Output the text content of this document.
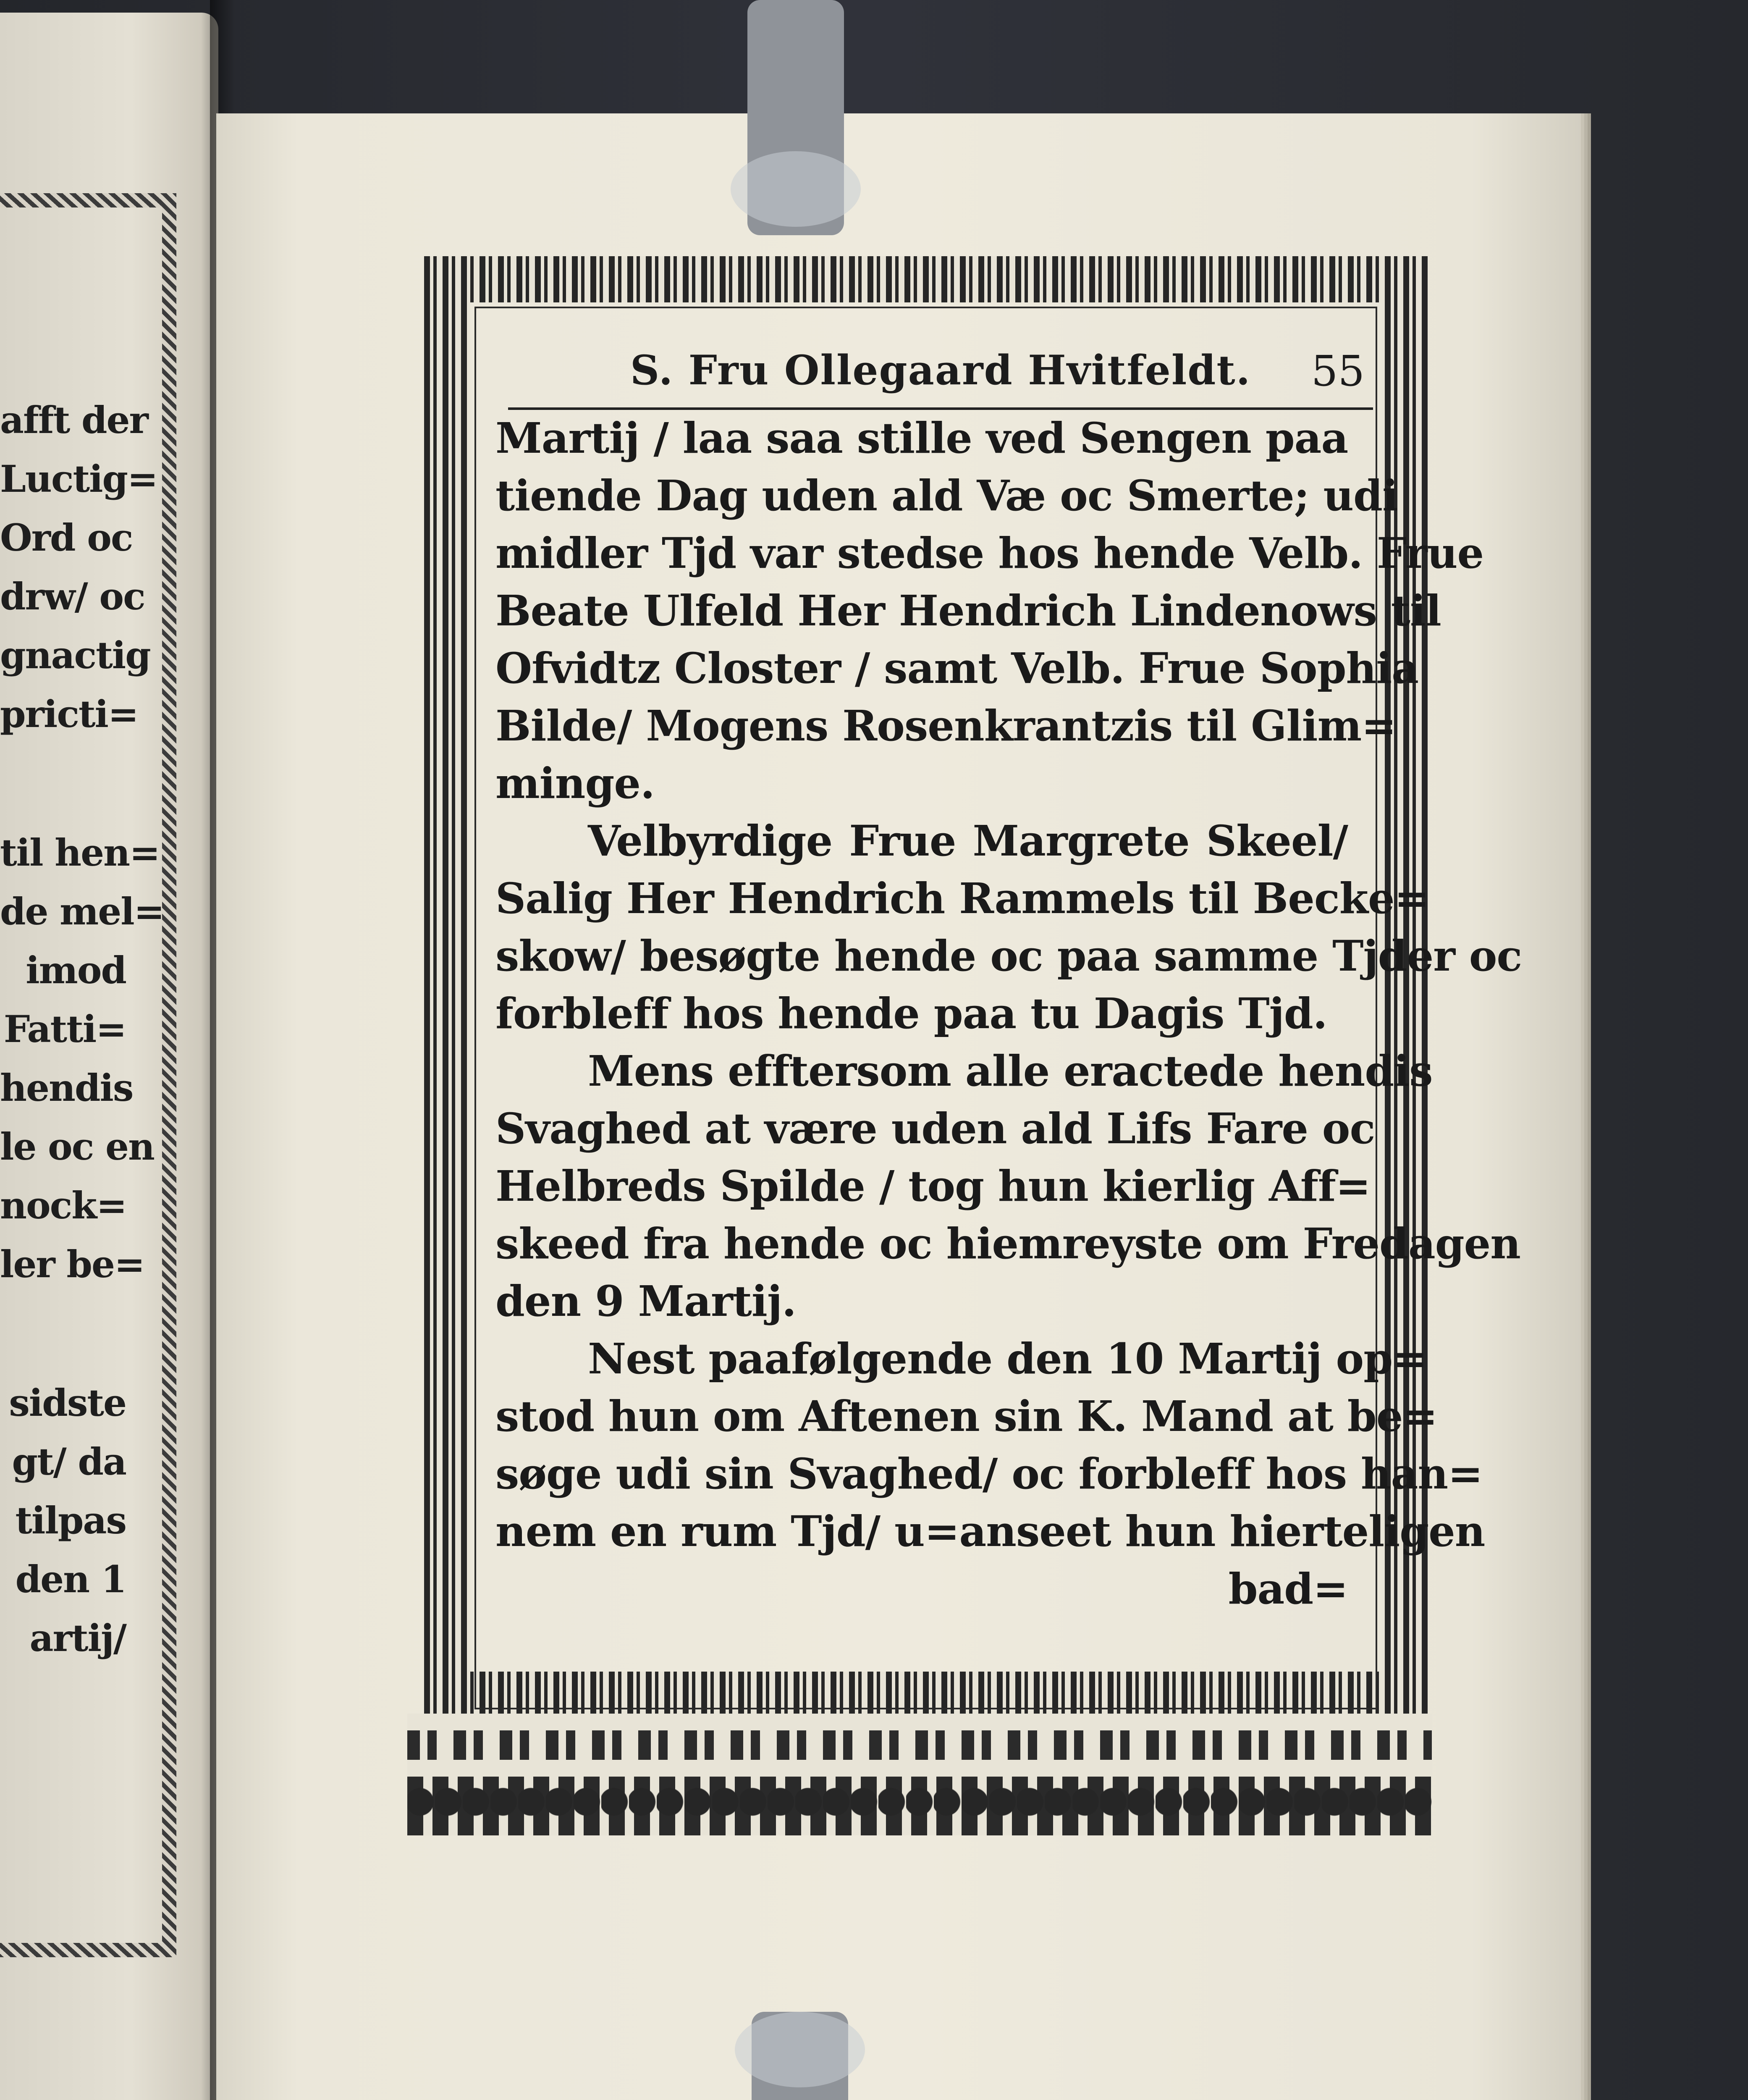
afft der
Luctig=
Ord oc
drw/ oc
gnactig
pricti=
til hen=
de mel=
imod
Fatti=
hendis
le oc en
nock=
ler be=
sidste
gt/ da
tilpas
den 1
artij/
S. Fru Ollegaard Hvitfeldt.	55
Martij / laa saa stille ved Sengen paa
tiende Dag uden ald Væ oc Smerte; udi
midler Tjd var stedse hos hende Velb. Frue
Beate Ulfeld Her Hendrich Lindenows til
Ofvidtz Closter / samt Velb. Frue Sophia
Bilde/ Mogens Rosenkrantzis til Glim=
minge.
Velbyrdige Frue Margrete Skeel/
Salig Her Hendrich Rammels til Becke=
skow/ besøgte hende oc paa samme Tjder oc
forbleff hos hende paa tu Dagis Tjd.
Mens efftersom alle eractede hendis
Svaghed at være uden ald Lifs Fare oc
Helbreds Spilde / tog hun kierlig Aff=
skeed fra hende oc hiemreyste om Fredagen
den 9 Martij.
Nest paafølgende den 10 Martij op=
stod hun om Aftenen sin K. Mand at be=
søge udi sin Svaghed/ oc forbleff hos han=
nem en rum Tjd/ u=anseet hun hierteligen
bad=
